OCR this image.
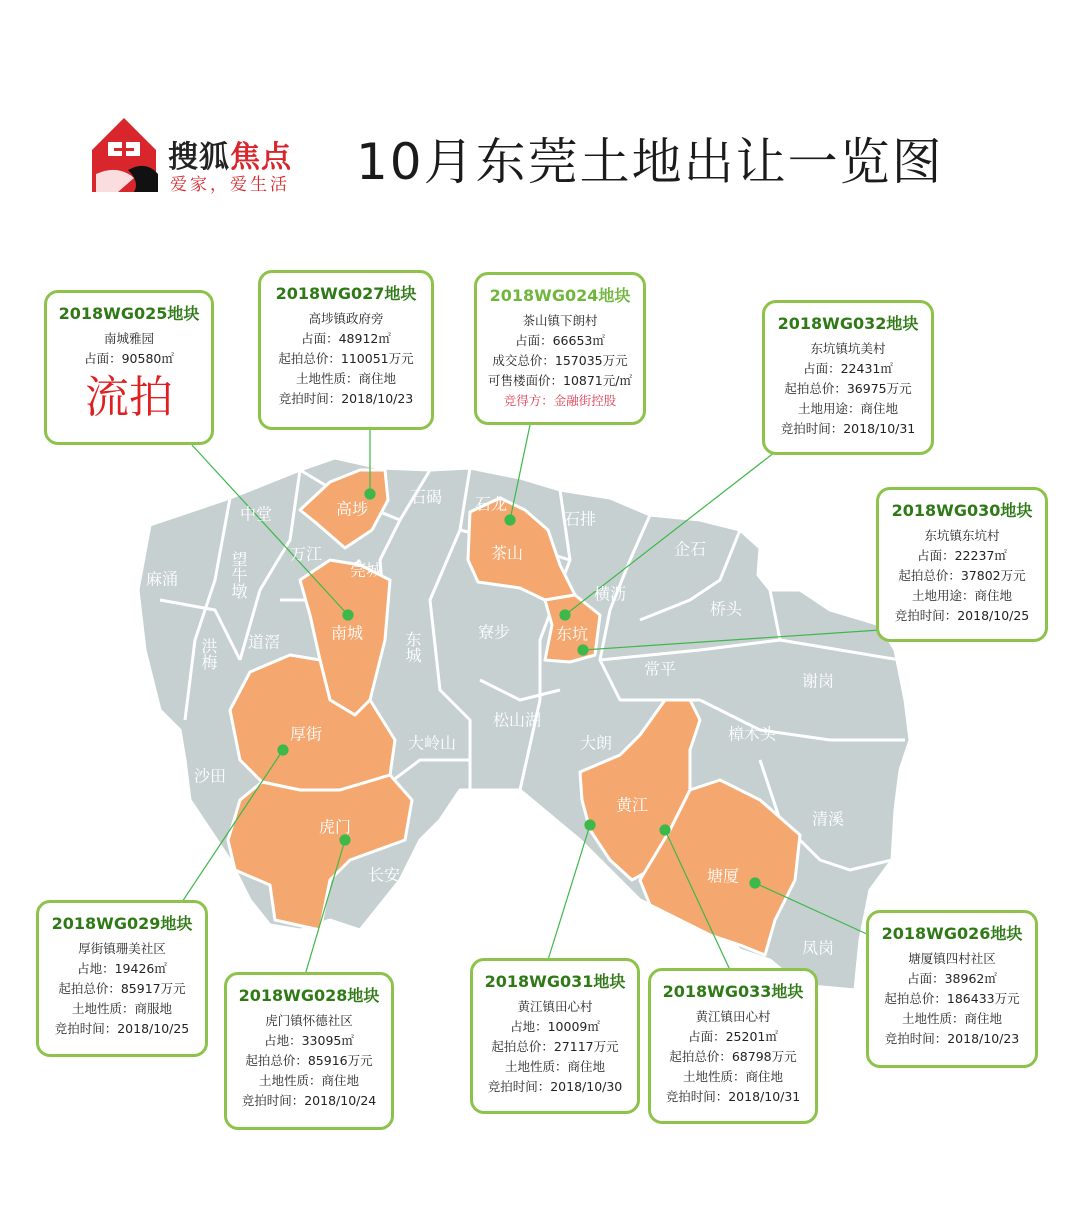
搜狐焦点
爱家，爱生活 10月东莞土地出让一览图
中堂	高埗
石碣 石龙
石排
企石
望牛墩	万江
莞城
茶山
横沥
麻涌
桥头
洪梅 道滘	南城 东城	寮步	东坑
常平
谢岗
厚街	大岭山
松山湖
大朗	樟木头
沙田
黄江
虎门	清溪
长安	塘厦
凤岗
2018WG025地块
南城雅园
占面：90580㎡
流拍
2018WG027地块
高埗镇政府旁
占面：48912㎡
起拍总价：110051万元
土地性质：商住地
竞拍时间：2018/10/23
2018WG024地块
茶山镇下朗村
占面：66653㎡
成交总价：157035万元
可售楼面价：10871元/㎡
竞得方：金融街控股
2018WG032地块
东坑镇坑美村
占面：22431㎡
起拍总价：36975万元
土地用途：商住地
竞拍时间：2018/10/31
2018WG030地块
东坑镇东坑村
占面：22237㎡
起拍总价：37802万元
土地用途：商住地
竞拍时间：2018/10/25
2018WG029地块
厚街镇珊美社区
占地：19426㎡
起拍总价：85917万元
土地性质：商服地
竞拍时间：2018/10/25
2018WG028地块
虎门镇怀德社区
占地：33095㎡
起拍总价：85916万元
土地性质：商住地
竞拍时间：2018/10/24
2018WG031地块
黄江镇田心村
占地：10009㎡
起拍总价：27117万元
土地性质：商住地
竞拍时间：2018/10/30
2018WG033地块
黄江镇田心村
占面：25201㎡
起拍总价：68798万元
土地性质：商住地
竞拍时间：2018/10/31
2018WG026地块
塘厦镇四村社区
占面：38962㎡
起拍总价：186433万元
土地性质：商住地
竞拍时间：2018/10/23
